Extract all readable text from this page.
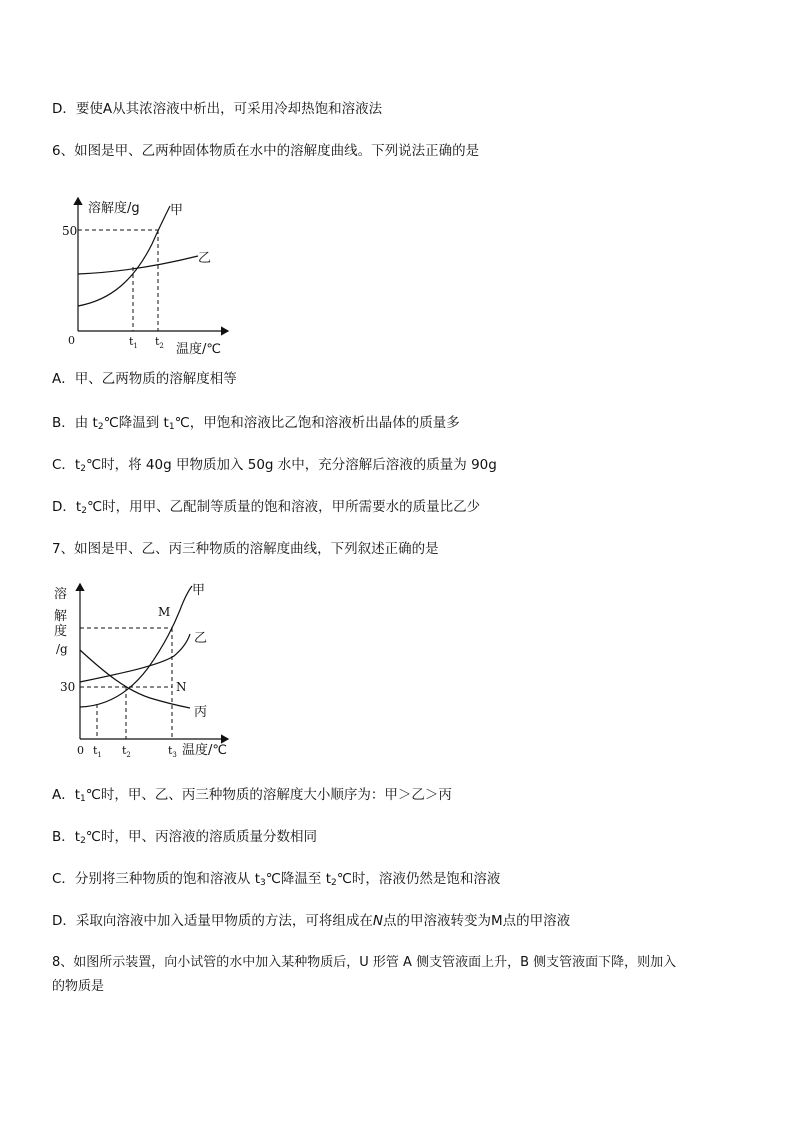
D．要使A从其浓溶液中析出，可采用冷却热饱和溶液法
6、如图是甲、乙两种固体物质在水中的溶解度曲线。下列说法正确的是
溶解度/g 甲
乙
50
0	$t_1$ $t_2$ 温度/℃
A．甲、乙两物质的溶解度相等
B．由 $t_2℃$降温到 $t_1℃$，甲饱和溶液比乙饱和溶液析出晶体的质量多
C．$t_2℃$时，将 40g 甲物质加入 50g 水中，充分溶解后溶液的质量为 90g
D．$t_2℃$时，用甲、乙配制等质量的饱和溶液，甲所需要水的质量比乙少
7、如图是甲、乙、丙三种物质的溶解度曲线，下列叙述正确的是
溶
解
度
/g
甲
乙
丙
M
N
30
0 $t_1$ $t_2$	$t_3$ 温度/℃
A．$t_1℃$时，甲、乙、丙三种物质的溶解度大小顺序为：甲＞乙＞丙
B．$t_2℃$时，甲、丙溶液的溶质质量分数相同
C．分别将三种物质的饱和溶液从 $t_3℃$降温至 $t_2℃$时，溶液仍然是饱和溶液
D．采取向溶液中加入适量甲物质的方法，可将组成在N点的甲溶液转变为M点的甲溶液
8、如图所示装置，向小试管的水中加入某种物质后，U 形管 A 侧支管液面上升，B 侧支管液面下降，则加入
的物质是
